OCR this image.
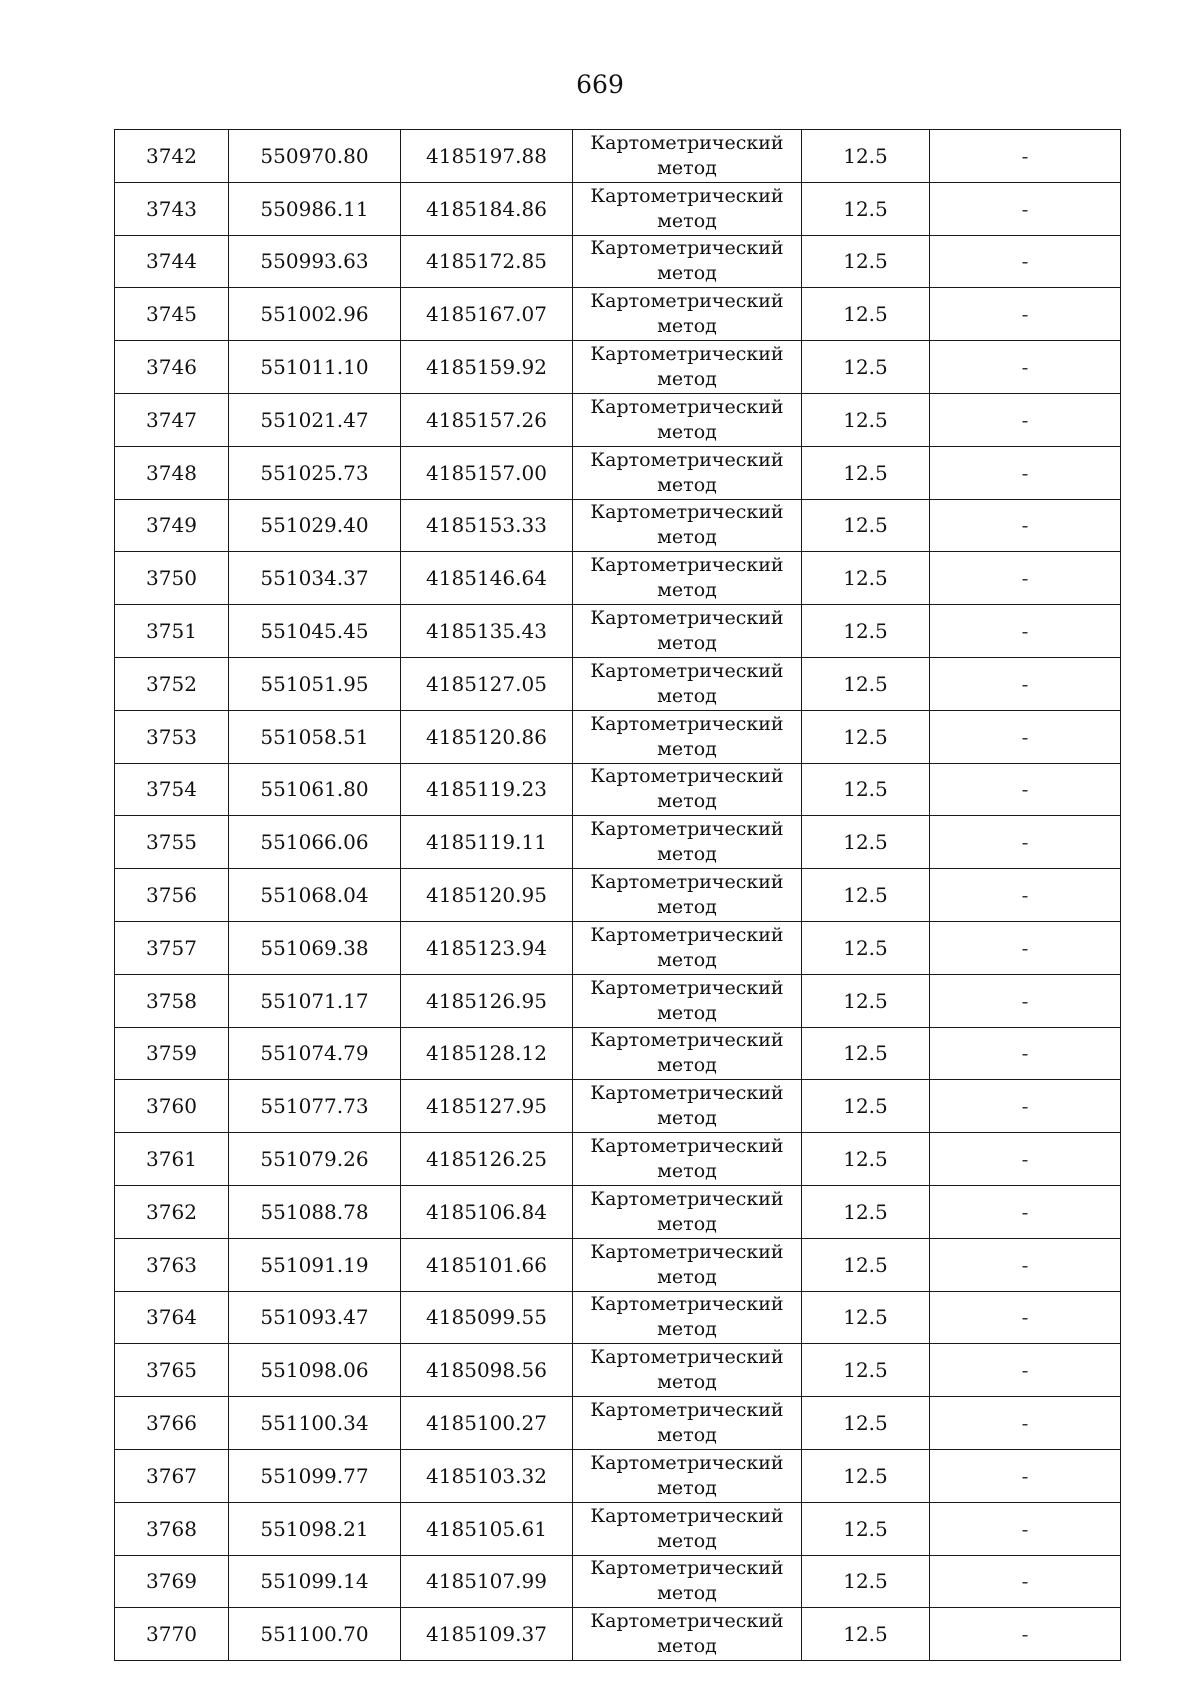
669
3742	550970.80	4185197.88	Картометрический метод	12.5	-
3743	550986.11	4185184.86	Картометрический метод	12.5	-
3744	550993.63	4185172.85	Картометрический метод	12.5	-
3745	551002.96	4185167.07	Картометрический метод	12.5	-
3746	551011.10	4185159.92	Картометрический метод	12.5	-
3747	551021.47	4185157.26	Картометрический метод	12.5	-
3748	551025.73	4185157.00	Картометрический метод	12.5	-
3749	551029.40	4185153.33	Картометрический метод	12.5	-
3750	551034.37	4185146.64	Картометрический метод	12.5	-
3751	551045.45	4185135.43	Картометрический метод	12.5	-
3752	551051.95	4185127.05	Картометрический метод	12.5	-
3753	551058.51	4185120.86	Картометрический метод	12.5	-
3754	551061.80	4185119.23	Картометрический метод	12.5	-
3755	551066.06	4185119.11	Картометрический метод	12.5	-
3756	551068.04	4185120.95	Картометрический метод	12.5	-
3757	551069.38	4185123.94	Картометрический метод	12.5	-
3758	551071.17	4185126.95	Картометрический метод	12.5	-
3759	551074.79	4185128.12	Картометрический метод	12.5	-
3760	551077.73	4185127.95	Картометрический метод	12.5	-
3761	551079.26	4185126.25	Картометрический метод	12.5	-
3762	551088.78	4185106.84	Картометрический метод	12.5	-
3763	551091.19	4185101.66	Картометрический метод	12.5	-
3764	551093.47	4185099.55	Картометрический метод	12.5	-
3765	551098.06	4185098.56	Картометрический метод	12.5	-
3766	551100.34	4185100.27	Картометрический метод	12.5	-
3767	551099.77	4185103.32	Картометрический метод	12.5	-
3768	551098.21	4185105.61	Картометрический метод	12.5	-
3769	551099.14	4185107.99	Картометрический метод	12.5	-
3770	551100.70	4185109.37	Картометрический метод	12.5	-
